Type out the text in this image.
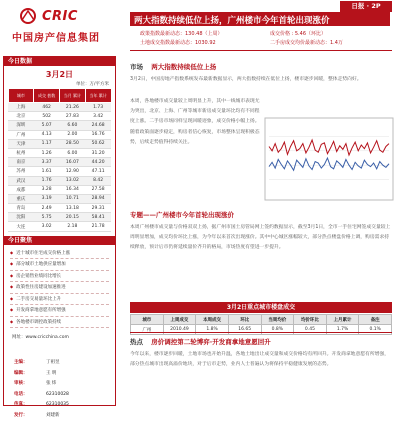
CRIC
中国房产信息集团
日报 · 2P
两大指数持续低位上扬，广州楼市今年首轮出现涨价
政策指数最新动态：130.48（上周）	成交价格 : 5.46（环比）
土地成交指数最新动态：1030.92	二手房成交均价最新动态：1.4万
今日数据
3月2日
单位：万/平方米
城市	成交 套数	当月 累计	当年 累计
上海	462	21.26	1.73
北京	502	27.83	3.42
深圳	5.07	6.60	24.68
广州	4.13	2.00	16.76
天津	1.17	28.50	50.62
杭州	1.26	6.00	31.20
南京	3.37	16.07	44.20
苏州	1.61	12.90	47.11
武汉	1.76	13.02	8.42
成都	3.28	16.34	27.58
重庆	3.19	10.71	28.94
青岛	2.49	13.18	29.31
沈阳	5.75	20.15	58.41
大连	3.02	2.18	21.78
今日聚焦
◆ 近十城市住宅成交价格上涨
◆ 部分城市土地供应量增加
◆ 房企销售业绩同比增长
◆ 政策性住房建设加速推进
◆ 二手房交易量环比上升
◆ 开发商拿地意愿有所增强
◆ 各地楼市调控政策持续
网址：www.cricchina.com
主编：	丁祖昱
编辑：	王 明
审核：	张 炜
电话：	62310028
传真：	62310035
发行：	刘建新
市场 两大指数持续低位上扬
3月2日，中国房地产指数系统发布最新数据显示，两大指数持续在低位上扬，楼市逐步回暖，整体走势向好。
本周，各地楼市成交量较上周明显上升，其中一线城市表现尤为突出，北京、上海、广州等城市新房成交量环比均有不同程度上涨。二手房市场同样呈现回暖迹象，成交价格小幅上扬。随着政策面逐步稳定，购房者信心恢复，市场整体呈现积极态势，后续走势值得持续关注。
专题——广州楼市今年首轮出现涨价
本周广州楼市成交量与价格双双上扬，据广州市国土房管局网上签约数据显示，截至3月1日，全市一手住宅网签成交量较上周明显增加，成交均价环比上涨，为今年以来首次出现涨价。其中中心城区涨幅较大，部分热点楼盘价格上调，购房需求持续释放，预计后市仍将延续量价齐升的格局，市场热度有望进一步提升。
3月2日重点城市楼盘成交
城市	上周成交	本周成交	环比	当周均价	均价环比	上月累计	备注
广州	2010.49	1.8%	16.65	0.8%	0.45	1.7%	0.1%
热点 房价调控第二轮博弈·开发商拿地意愿回升
今年以来，楼市逐步回暖，土地市场也开始升温，各地土地出让成交量和成交价格均有所回升。开发商拿地意愿有所增强，部分热点城市出现高溢价地块，对于后市走势，业内人士普遍认为将保持平稳健康发展的态势。
